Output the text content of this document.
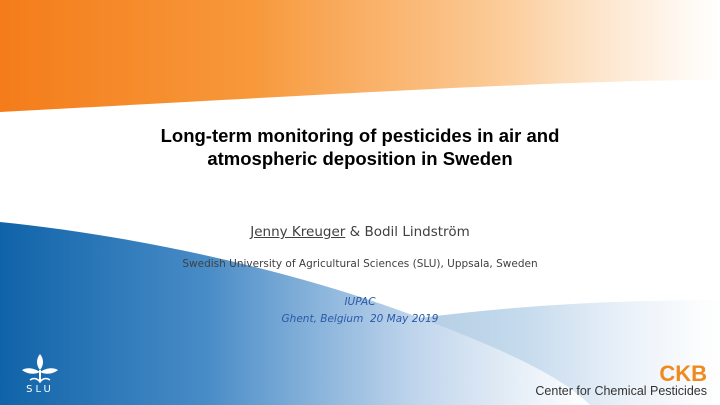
Long-term monitoring of pesticides in air and atmospheric deposition in Sweden
Jenny Kreuger & Bodil Lindström
Swedish University of Agricultural Sciences (SLU), Uppsala, Sweden
IUPAC
Ghent, Belgium  20 May 2019
SLU
CKB
Center for Chemical Pesticides
